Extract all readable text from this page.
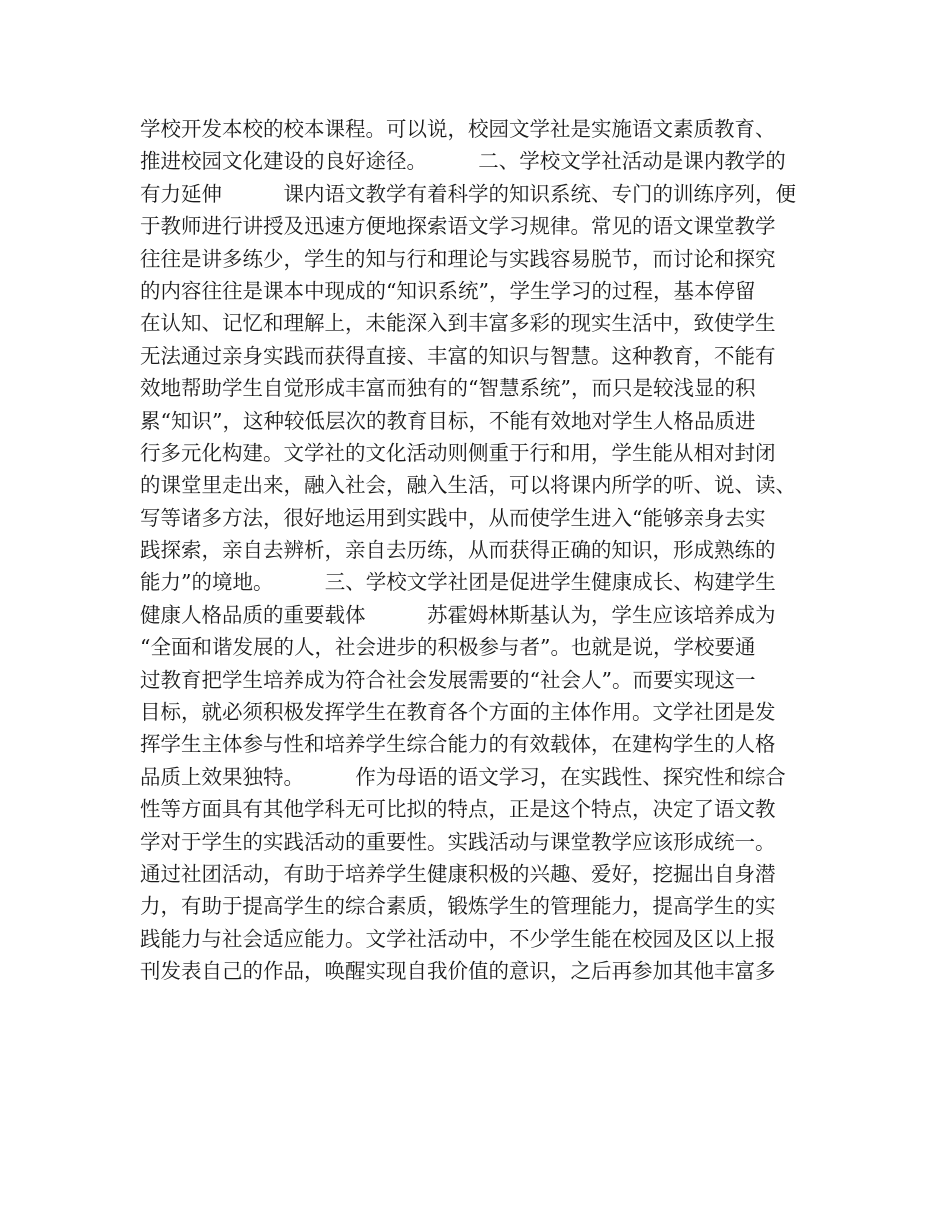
学校开发本校的校本课程。可以说，校园文学社是实施语文素质教育、
推进校园文化建设的良好途径。　　　二、学校文学社活动是课内教学的
有力延伸　　　课内语文教学有着科学的知识系统、专门的训练序列，便
于教师进行讲授及迅速方便地探索语文学习规律。常见的语文课堂教学
往往是讲多练少，学生的知与行和理论与实践容易脱节，而讨论和探究
的内容往往是课本中现成的“知识系统”，学生学习的过程，基本停留
在认知、记忆和理解上，未能深入到丰富多彩的现实生活中，致使学生
无法通过亲身实践而获得直接、丰富的知识与智慧。这种教育，不能有
效地帮助学生自觉形成丰富而独有的“智慧系统”，而只是较浅显的积
累“知识”，这种较低层次的教育目标，不能有效地对学生人格品质进
行多元化构建。文学社的文化活动则侧重于行和用，学生能从相对封闭
的课堂里走出来，融入社会，融入生活，可以将课内所学的听、说、读、
写等诸多方法，很好地运用到实践中，从而使学生进入“能够亲身去实
践探索，亲自去辨析，亲自去历练，从而获得正确的知识，形成熟练的
能力”的境地。　　　三、学校文学社团是促进学生健康成长、构建学生
健康人格品质的重要载体　　　苏霍姆林斯基认为，学生应该培养成为
“全面和谐发展的人，社会进步的积极参与者”。也就是说，学校要通
过教育把学生培养成为符合社会发展需要的“社会人”。而要实现这一
目标，就必须积极发挥学生在教育各个方面的主体作用。文学社团是发
挥学生主体参与性和培养学生综合能力的有效载体，在建构学生的人格
品质上效果独特。　　　作为母语的语文学习，在实践性、探究性和综合
性等方面具有其他学科无可比拟的特点，正是这个特点，决定了语文教
学对于学生的实践活动的重要性。实践活动与课堂教学应该形成统一。
通过社团活动，有助于培养学生健康积极的兴趣、爱好，挖掘出自身潜
力，有助于提高学生的综合素质，锻炼学生的管理能力，提高学生的实
践能力与社会适应能力。文学社活动中，不少学生能在校园及区以上报
刊发表自己的作品，唤醒实现自我价值的意识，之后再参加其他丰富多
